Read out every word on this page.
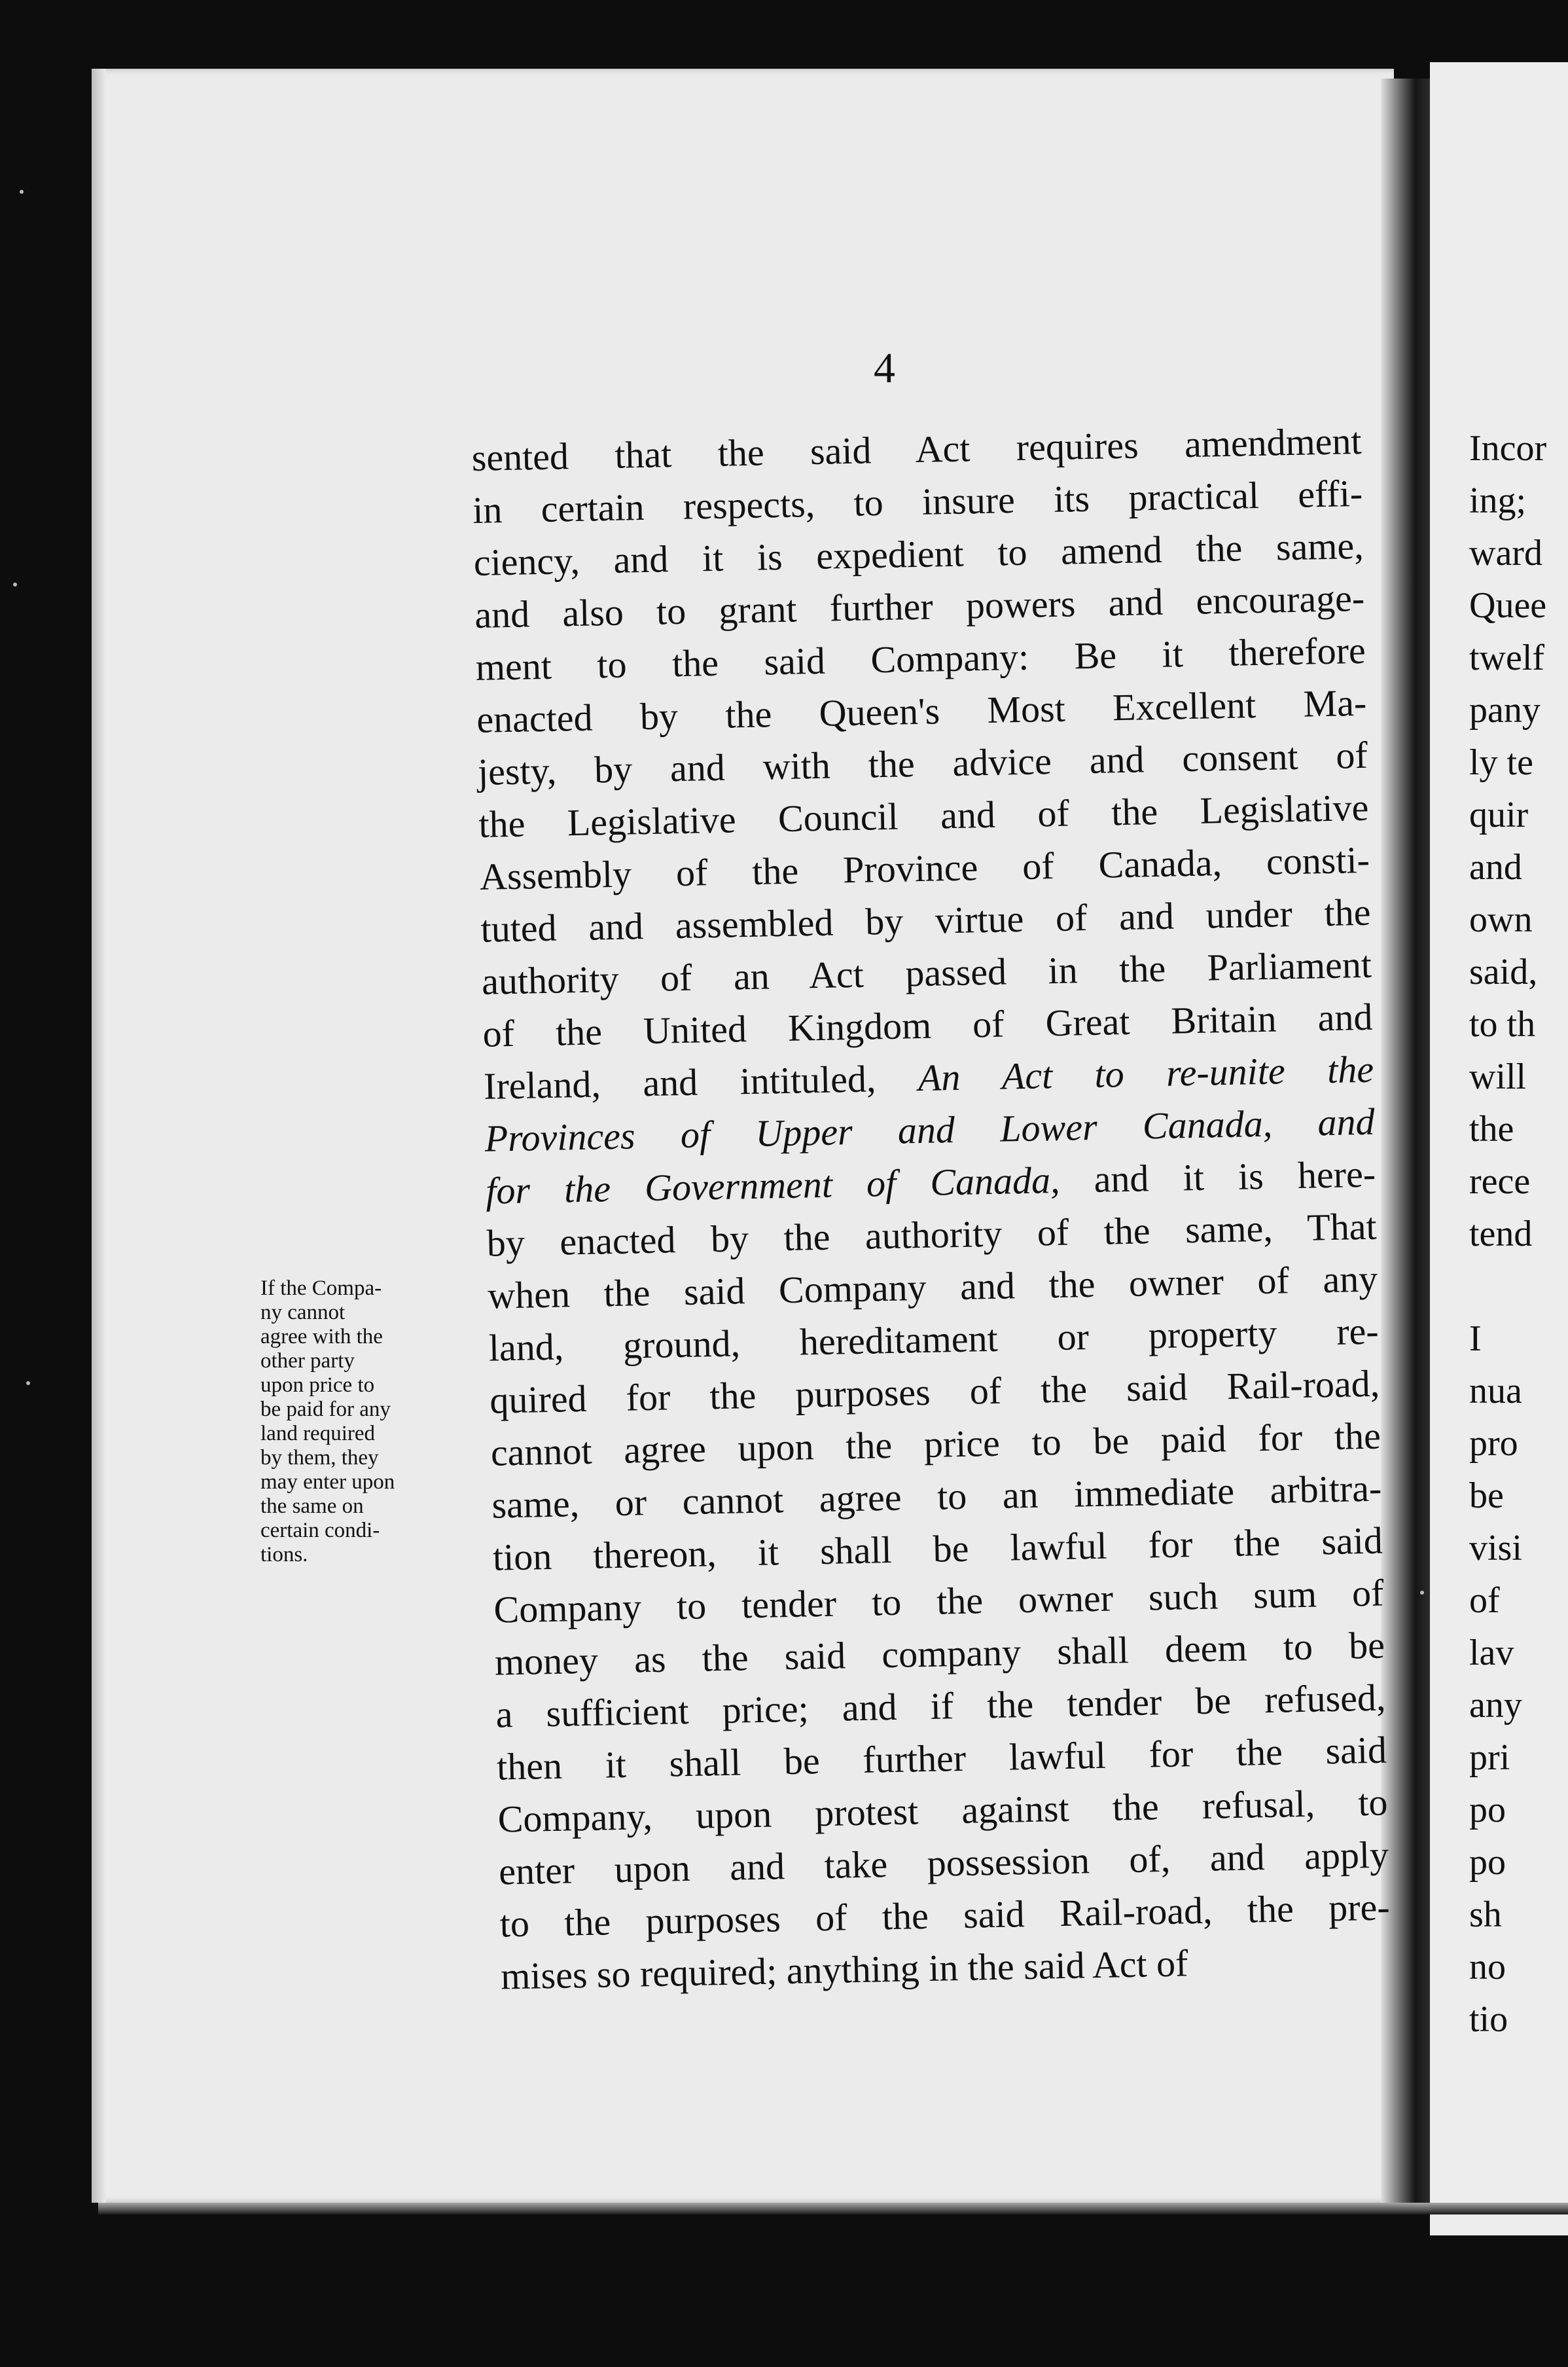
4
sented that the said Act requires amendment
in certain respects, to insure its practical effi-
ciency, and it is expedient to amend the same,
and also to grant further powers and encourage-
ment to the said Company: Be it therefore
enacted by the Queen's Most Excellent Ma-
jesty, by and with the advice and consent of
the Legislative Council and of the Legislative
Assembly of the Province of Canada, consti-
tuted and assembled by virtue of and under the
authority of an Act passed in the Parliament
of the United Kingdom of Great Britain and
Ireland, and intituled, An Act to re-unite the
Provinces of Upper and Lower Canada, and
for the Government of Canada, and it is here-
by enacted by the authority of the same, That
when the said Company and the owner of any
land, ground, hereditament or property re-
quired for the purposes of the said Rail-road,
cannot agree upon the price to be paid for the
same, or cannot agree to an immediate arbitra-
tion thereon, it shall be lawful for the said
Company to tender to the owner such sum of
money as the said company shall deem to be
a sufficient price; and if the tender be refused,
then it shall be further lawful for the said
Company, upon protest against the refusal, to
enter upon and take possession of, and apply
to the purposes of the said Rail-road, the pre-
mises so required; anything in the said Act of
If the Compa-
ny cannot
agree with the
other party
upon price to
be paid for any
land required
by them, they
may enter upon
the same on
certain condi-
tions.
Incor
ing;
ward
Quee
twelf
pany
ly te
quir
and
own
said,
to th
will
the
rece
tend

I
nua
pro
be
visi
of
lav
any
pri
po
po
sh
no
tio
